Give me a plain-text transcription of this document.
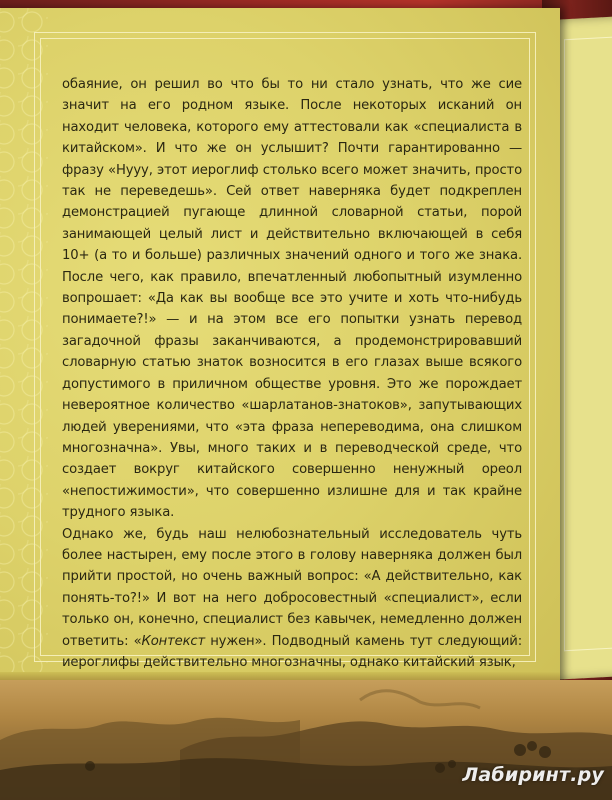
обаяние, он решил во что бы то ни стало узнать, что же сие значит на его родном языке. После некоторых исканий он находит человека, которого ему аттестовали как «специалиста в китайском». И что же он услышит? Почти гарантированно — фразу «Нууу, этот иероглиф столько всего может значить, просто так не переведешь». Сей ответ наверняка будет подкреплен демонстрацией пугающе длинной словарной статьи, порой занимающей целый лист и действительно включающей в себя 10+ (а то и больше) различных значений одного и того же знака. После чего, как правило, впечатленный любопытный изумленно вопрошает: «Да как вы вообще все это учите и хоть что-нибудь понимаете?!» — и на этом все его попытки узнать перевод загадочной фразы заканчиваются, а продемонстрировавший словарную статью знаток возносится в его глазах выше всякого допустимого в приличном обществе уровня. Это же порождает невероятное количество «шарлатанов-знатоков», запутывающих людей уверениями, что «эта фраза непереводима, она слишком многозначна». Увы, много таких и в переводческой среде, что создает вокруг китайского совершенно ненужный ореол «непостижимости», что совершенно излишне для и так крайне трудного языка.

Однако же, будь наш нелюбознательный исследователь чуть более настырен, ему после этого в голову наверняка должен был прийти простой, но очень важный вопрос: «А действительно, как понять-то?!» И вот на него добросовестный «специалист», если только он, конечно, специалист без кавычек, немедленно должен ответить: «Контекст нужен». Подводный камень тут следующий: иероглифы действительно многозначны, однако китайский язык,

Лабиринт.ру
